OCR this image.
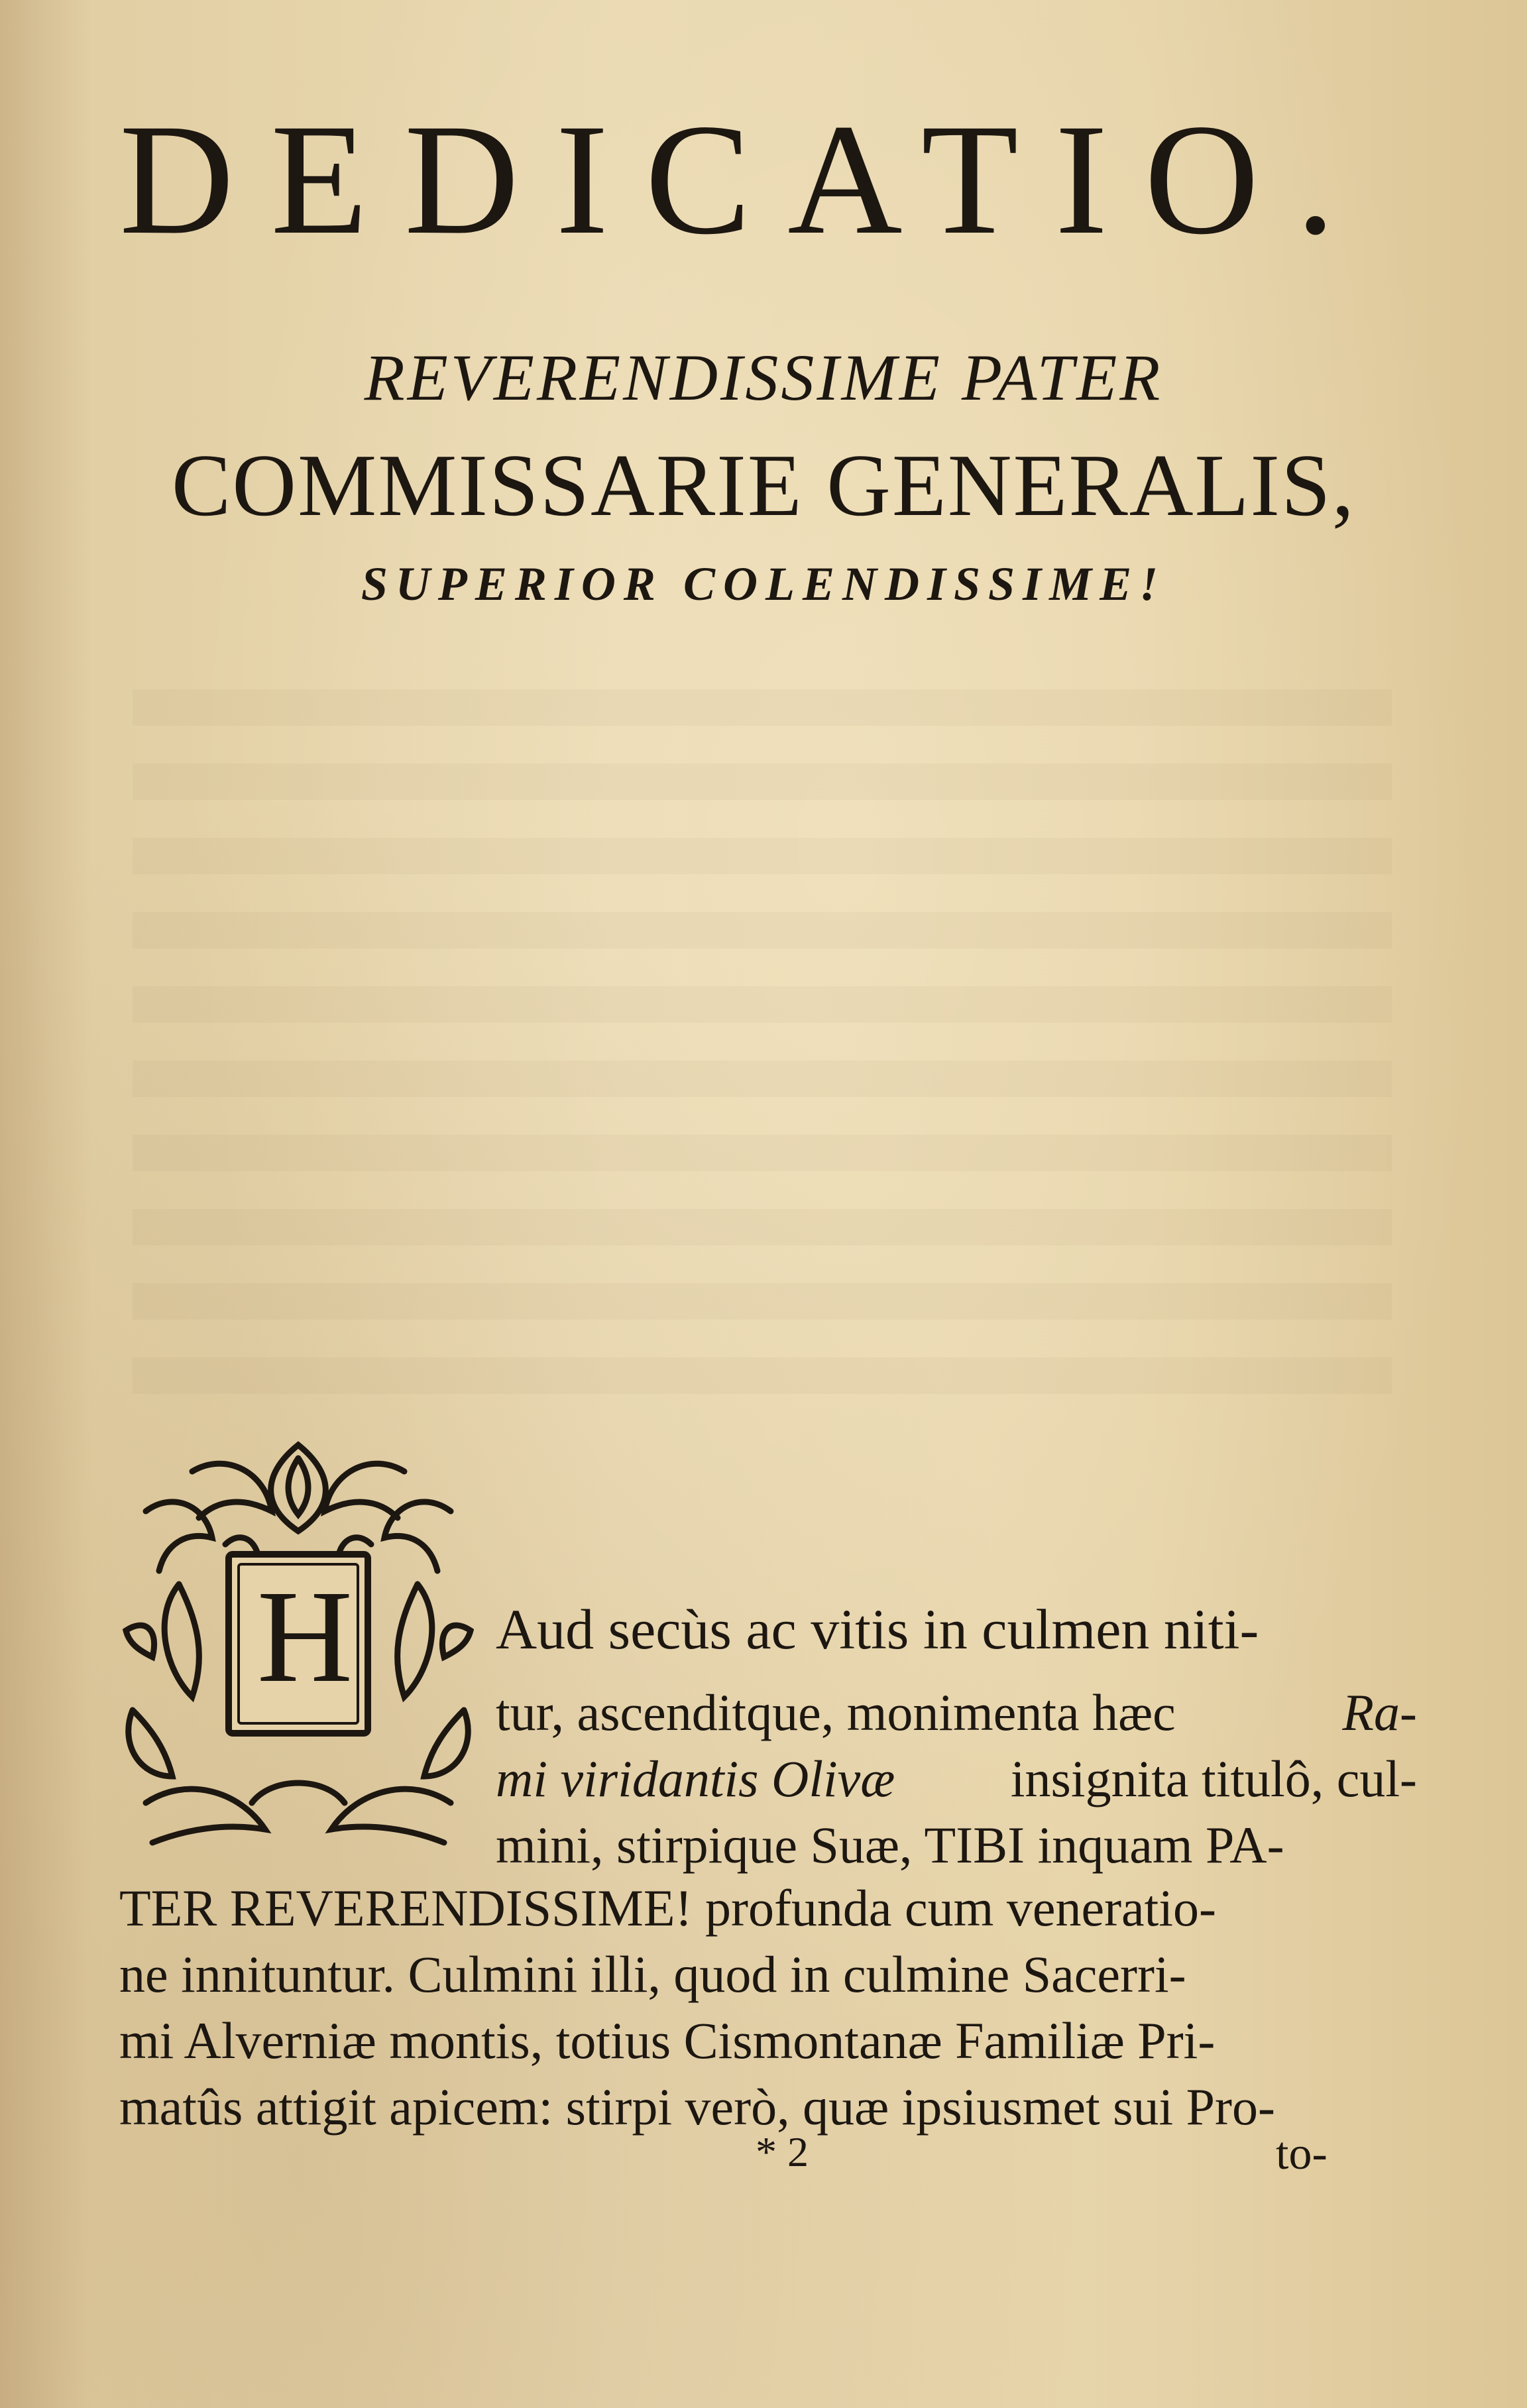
DEDICATIO.
REVERENDISSIME PATER
COMMISSARIE GENERALIS,
SUPERIOR COLENDISSIME!
H	Aud secùs ac vitis in culmen niti-
tur, ascenditque, monimenta hæc	Ra-
mi viridantis Olivæ insignita titulô, cul-
mini, stirpique Suæ, TIBI inquam PA-
TER REVERENDISSIME! profunda cum veneratio-
ne innituntur. Culmini illi, quod in culmine Sacerri-
mi Alverniæ montis, totius Cismontanæ Familiæ Pri-
matûs attigit apicem: stirpi verò, quæ ipsiusmet sui Pro-
* 2	to-
